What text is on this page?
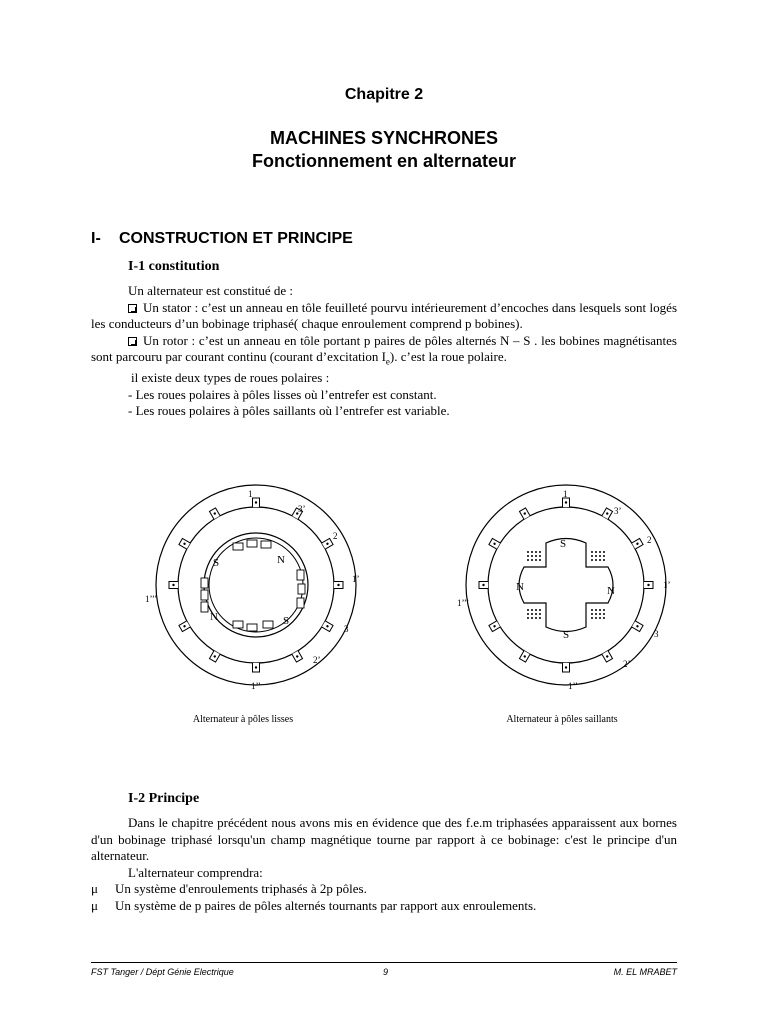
Chapitre 2
MACHINES SYNCHRONES
Fonctionnement en alternateur
I- CONSTRUCTION ET PRINCIPE
I-1 constitution

Un alternateur est constitué de :

Un stator : c’est un anneau en tôle feuilleté pourvu intérieurement d’encoches dans lesquels sont logés les conducteurs d’un bobinage triphasé( chaque enroulement comprend p bobines).

Un rotor : c’est un anneau en tôle portant p paires de pôles alternés N – S . les bobines magnétisantes sont parcouru par courant continu (courant d’excitation $I_e$). c’est la roue polaire.

il existe deux types de roues polaires :

- Les roues polaires à pôles lisses où l’entrefer est constant.

- Les roues polaires à pôles saillants où l’entrefer est variable.

S	N
N	S
1
3’
2
1’
3
2’
1’’
1’’’
S
N	N
S
1
3’
2
1’
3
2’
1’’
1’’’
Alternateur à pôles lisses	Alternateur à pôles saillants
I-2 Principe

Dans le chapitre précédent nous avons mis en évidence que des f.e.m triphasées apparaissent aux bornes d'un bobinage triphasé lorsqu'un champ magnétique tourne par rapport à ce bobinage: c'est le principe d'un alternateur.

L'alternateur comprendra:

μ Un système d'enroulements triphasés à 2p pôles.

μ Un système de p paires de pôles alternés tournants par rapport aux enroulements.

FST Tanger / Dépt Génie Electrique	9	M. EL MRABET
